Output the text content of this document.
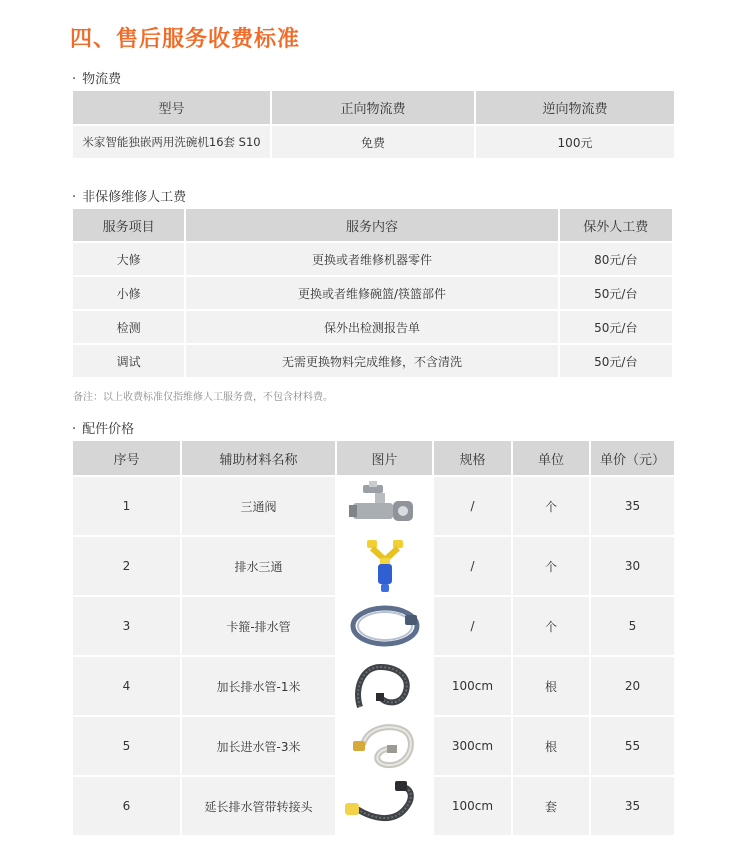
四、售后服务收费标准
· 物流费
型号	正向物流费	逆向物流费
米家智能独嵌两用洗碗机16套 S10	免费	100元
· 非保修维修人工费
服务项目	服务内容	保外人工费
大修	更换或者维修机器零件	80元/台
小修	更换或者维修碗篮/筷篮部件	50元/台
检测	保外出检测报告单	50元/台
调试	无需更换物料完成维修，不含清洗	50元/台
备注：以上收费标准仅指维修人工服务费，不包含材料费。
· 配件价格
序号	辅助材料名称	图片	规格	单位	单价（元）
1	三通阀		/	个	35
2	排水三通		/	个	30
3	卡箍-排水管		/	个	5
4	加长排水管-1米		100cm	根	20
5	加长进水管-3米		300cm	根	55
6	延长排水管带转接头		100cm	套	35
